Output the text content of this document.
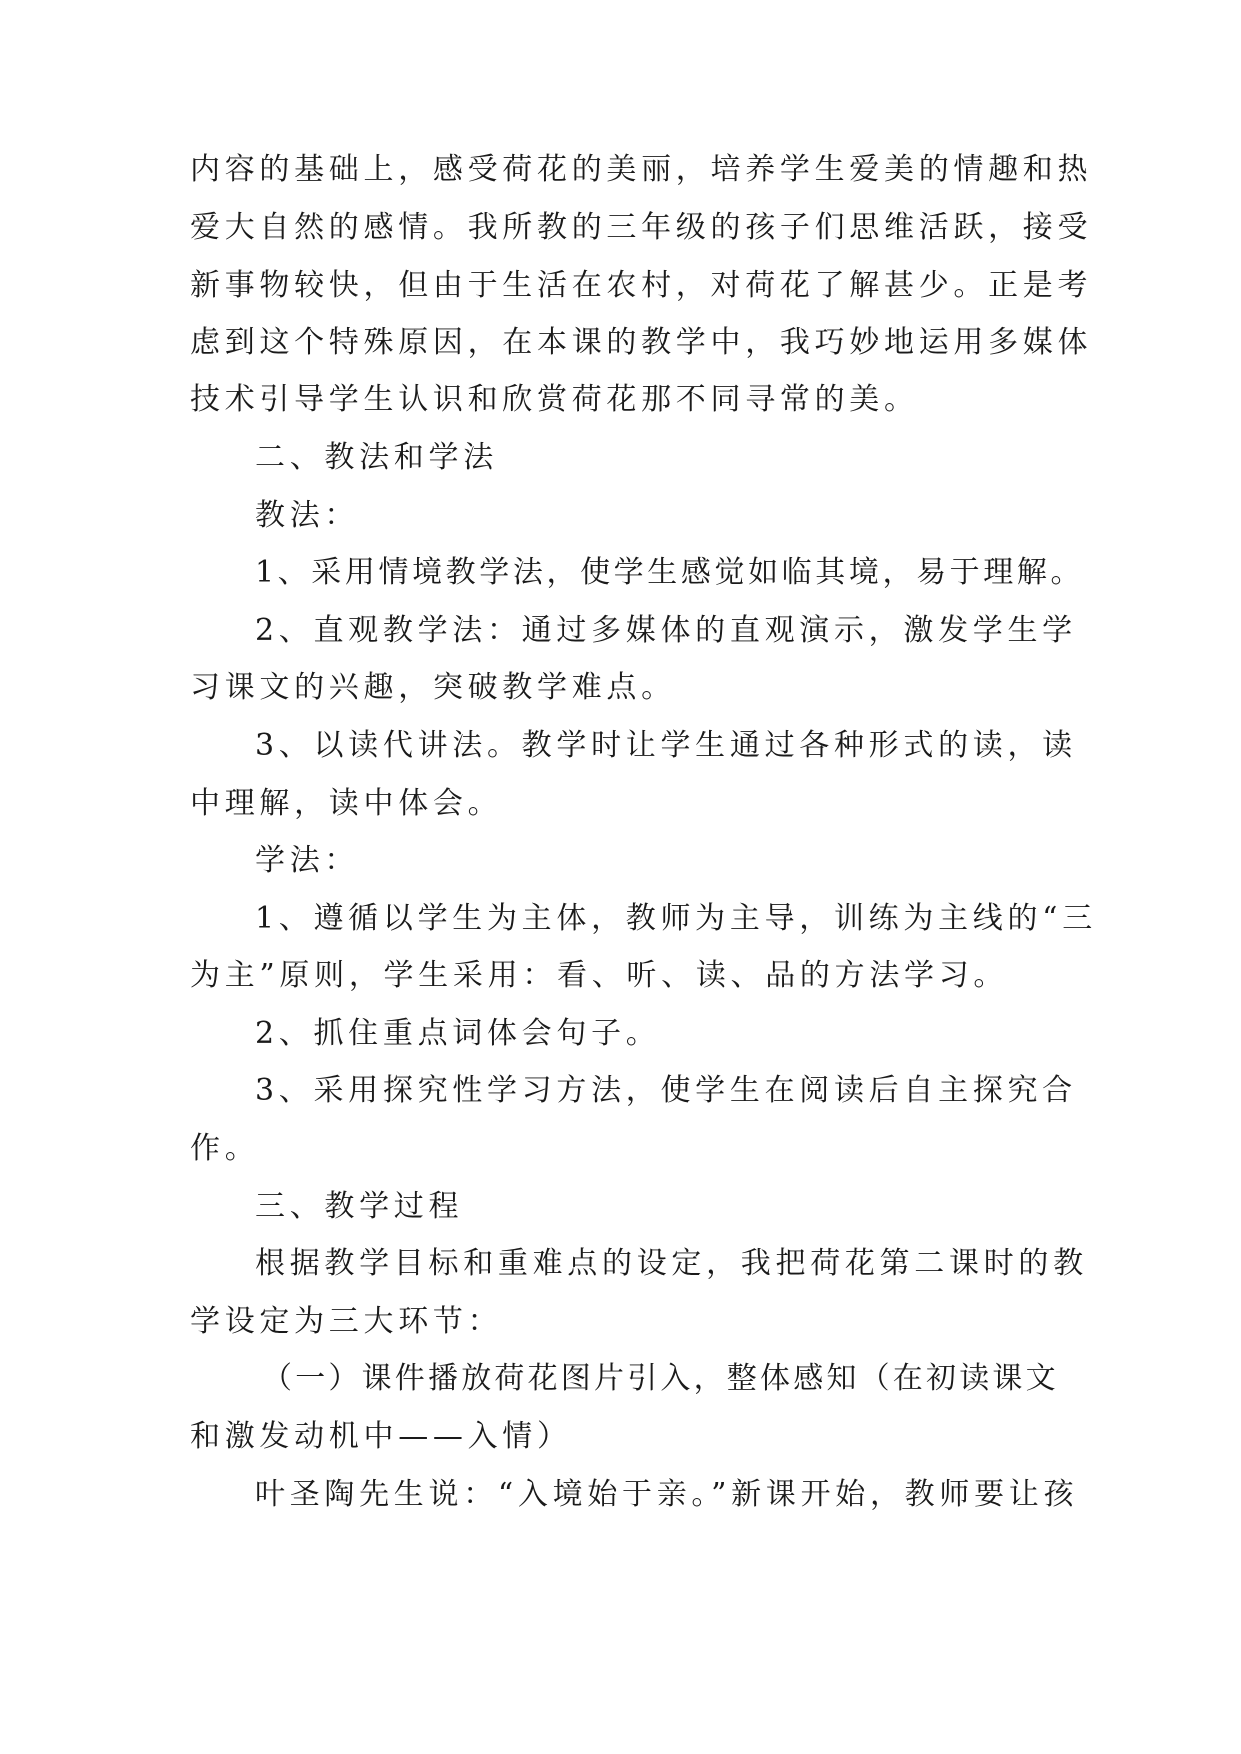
内容的基础上，感受荷花的美丽，培养学生爱美的情趣和热
爱大自然的感情。我所教的三年级的孩子们思维活跃，接受
新事物较快，但由于生活在农村，对荷花了解甚少。正是考
虑到这个特殊原因，在本课的教学中，我巧妙地运用多媒体
技术引导学生认识和欣赏荷花那不同寻常的美。
二、教法和学法
教法：
1、采用情境教学法，使学生感觉如临其境，易于理解。
2、直观教学法：通过多媒体的直观演示，激发学生学
习课文的兴趣，突破教学难点。
3、以读代讲法。教学时让学生通过各种形式的读，读
中理解，读中体会。
学法：
1、遵循以学生为主体，教师为主导，训练为主线的“三
为主”原则，学生采用：看、听、读、品的方法学习。
2、抓住重点词体会句子。
3、采用探究性学习方法，使学生在阅读后自主探究合
作。
三、教学过程
根据教学目标和重难点的设定，我把荷花第二课时的教
学设定为三大环节：
（一）课件播放荷花图片引入，整体感知（在初读课文
和激发动机中——入情）
叶圣陶先生说：“入境始于亲。”新课开始，教师要让孩
